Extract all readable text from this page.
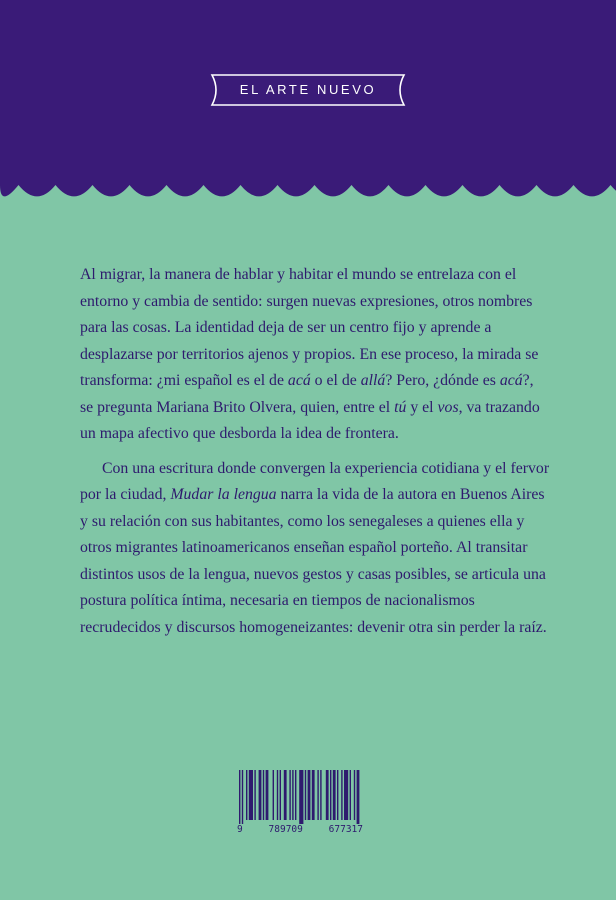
EL ARTE NUEVO

Al migrar, la manera de hablar y habitar el mundo se entrelaza con el entorno y cambia de sentido: surgen nuevas expresiones, otros nombres para las cosas. La identidad deja de ser un centro fijo y aprende a desplazarse por territorios ajenos y propios. En ese proceso, la mirada se transforma: ¿mi español es el de acá o el de allá? Pero, ¿dónde es acá?, se pregunta Mariana Brito Olvera, quien, entre el tú y el vos, va trazando un mapa afectivo que desborda la idea de frontera.

Con una escritura donde convergen la experiencia cotidiana y el fervor por la ciudad, Mudar la lengua narra la vida de la autora en Buenos Aires y su relación con sus habitantes, como los senegaleses a quienes ella y otros migrantes latinoamericanos enseñan español porteño. Al transitar distintos usos de la lengua, nuevos gestos y casas posibles, se articula una postura política íntima, necesaria en tiempos de nacionalismos recrudecidos y discursos homogeneizantes: devenir otra sin perder la raíz.

9	789709	677317
